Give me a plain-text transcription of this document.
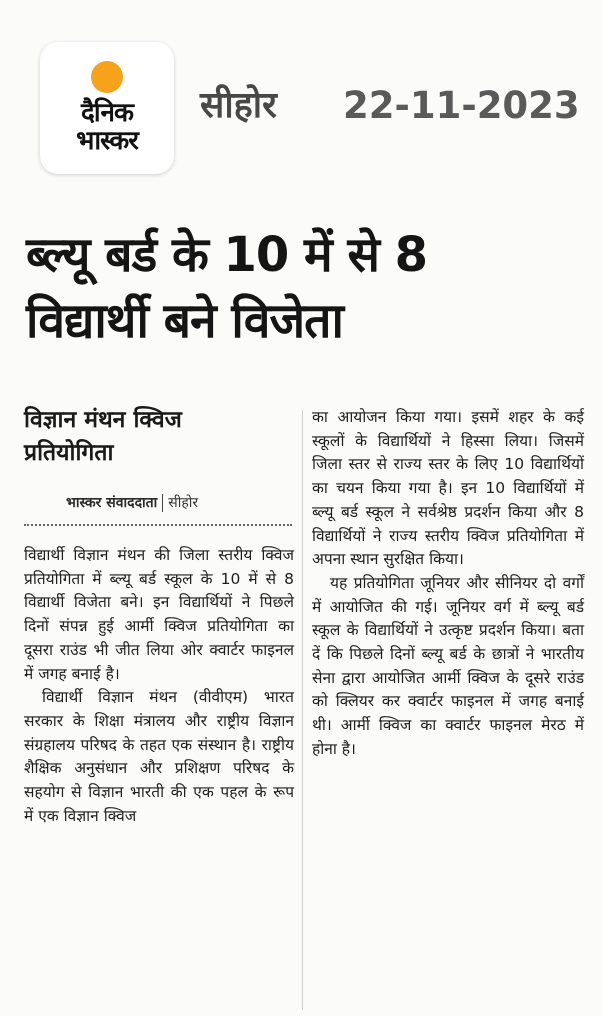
दैनिक
भास्कर
सीहोर 22-11-2023
ब्ल्यू बर्ड के 10 में से 8
विद्यार्थी बने विजेता
विज्ञान मंथन क्विज
प्रतियोगिता
भास्कर संवाददाता सीहोर

विद्यार्थी विज्ञान मंथन की जिला स्तरीय क्विज प्रतियोगिता में ब्ल्यू बर्ड स्कूल के 10 में से 8 विद्यार्थी विजेता बने। इन विद्यार्थियों ने पिछले दिनों संपन्न हुई आर्मी क्विज प्रतियोगिता का दूसरा राउंड भी जीत लिया ओर क्वार्टर फाइनल में जगह बनाई है।

विद्यार्थी विज्ञान मंथन (वीवीएम) भारत सरकार के शिक्षा मंत्रालय और राष्ट्रीय विज्ञान संग्रहालय परिषद के तहत एक संस्थान है। राष्ट्रीय शैक्षिक अनुसंधान और प्रशिक्षण परिषद के सहयोग से विज्ञान भारती की एक पहल के रूप में एक विज्ञान क्विज

का आयोजन किया गया। इसमें शहर के कई स्कूलों के विद्यार्थियों ने हिस्सा लिया। जिसमें जिला स्तर से राज्य स्तर के लिए 10 विद्यार्थियों का चयन किया गया है। इन 10 विद्यार्थियों में ब्ल्यू बर्ड स्कूल ने सर्वश्रेष्ठ प्रदर्शन किया और 8 विद्यार्थियों ने राज्य स्तरीय क्विज प्रतियोगिता में अपना स्थान सुरक्षित किया।

यह प्रतियोगिता जूनियर और सीनियर दो वर्गों में आयोजित की गई। जूनियर वर्ग में ब्ल्यू बर्ड स्कूल के विद्यार्थियों ने उत्कृष्ट प्रदर्शन किया। बता दें कि पिछले दिनों ब्ल्यू बर्ड के छात्रों ने भारतीय सेना द्वारा आयोजित आर्मी क्विज के दूसरे राउंड को क्लियर कर क्वार्टर फाइनल में जगह बनाई थी। आर्मी क्विज का क्वार्टर फाइनल मेरठ में होना है।
